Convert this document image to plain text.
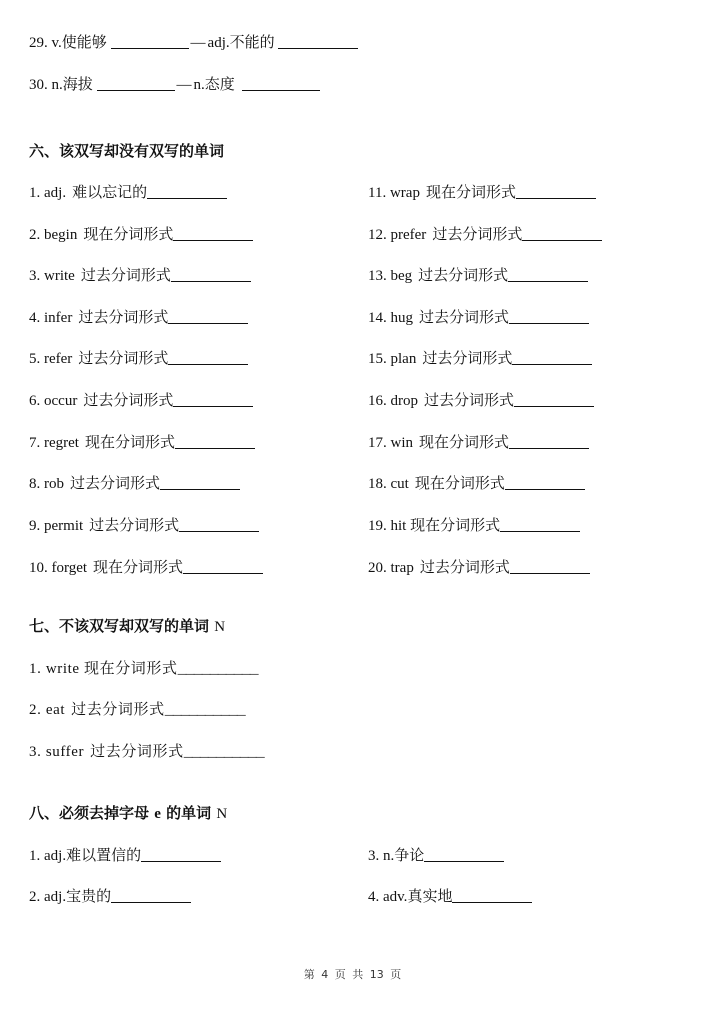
29.
v. 使能够
	— adj. 不能的

30.
n. 海拔
	— n. 态度

六、该双写却没有双写的单词
1.
adj. 难以忘记的
2.
begin 现在分词形式
3.
write 过去分词形式
4.
infer 过去分词形式
5.
refer 过去分词形式
6.
occur 过去分词形式
7.
regret 现在分词形式
8.
rob 过去分词形式
9.
permit 过去分词形式
10.
forget 现在分词形式
11.
wrap 现在分词形式
12.
prefer 过去分词形式
13.
beg 过去分词形式
14.
hug 过去分词形式
15.
plan 过去分词形式
16.
drop 过去分词形式
17.
win 现在分词形式
18.
cut 现在分词形式
19.
hit
现在分词形式
20.
trap 过去分词形式
七、不该双写却双写的单词 N
1.
write
现在分词形式 __________
2.
eat 过去分词形式 __________
3.
suffer 过去分词形式 __________
八、必须去掉字母 e 的单词 N
1.
adj. 难以置信的
2.
adj. 宝贵的
3.
n. 争论
4.
adv. 真实地
第 4 页 共 13 页
